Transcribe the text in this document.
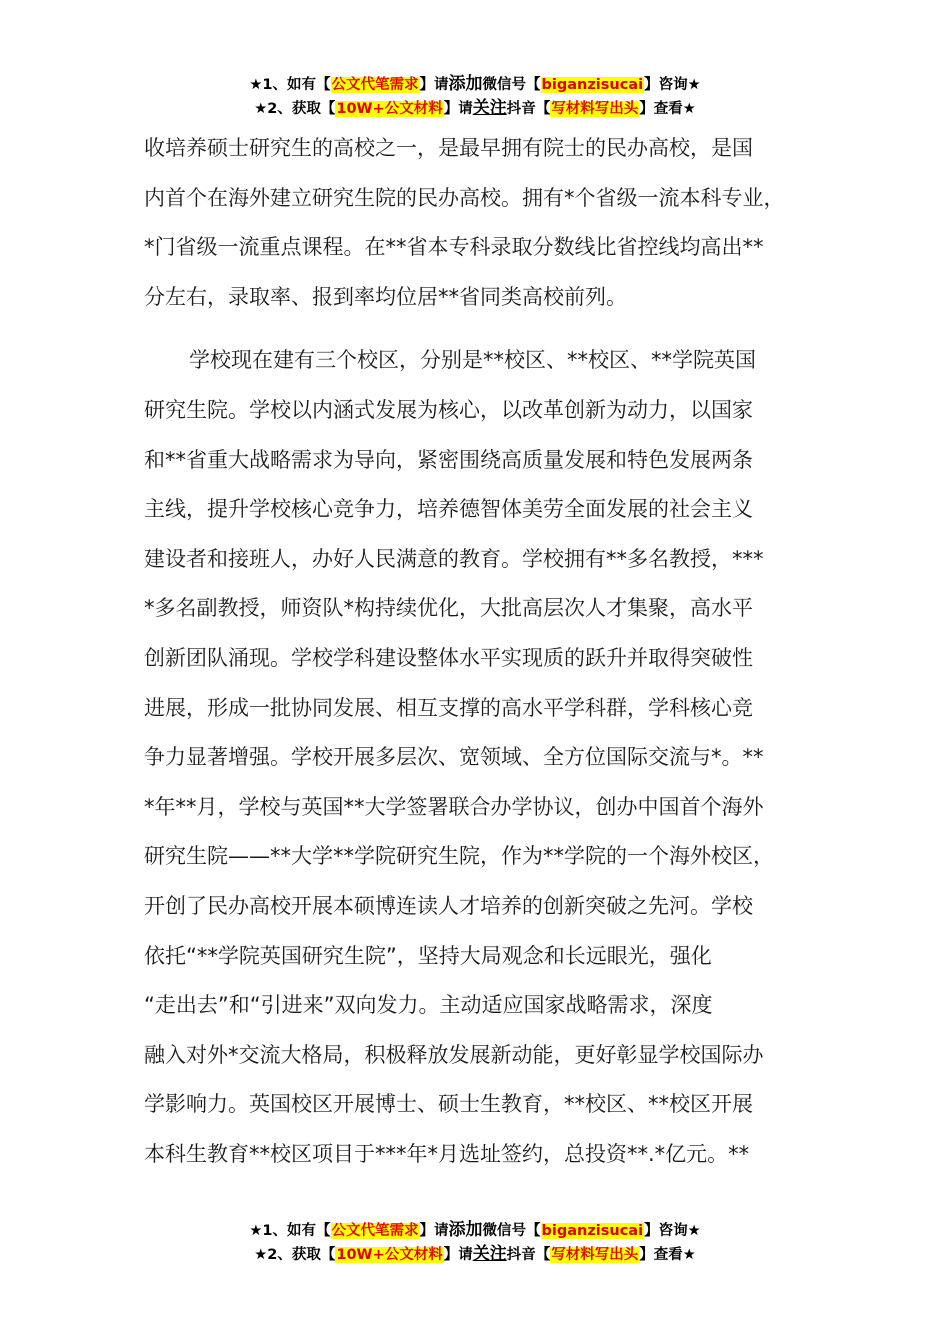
★1、如有【公文代笔需求】请添加微信号【biganzisucai】咨询★
★2、获取【10W+公文材料】请关注抖音【写材料写出头】查看★

收培养硕士研究生的高校之一，是最早拥有院士的民办高校，是国
内首个在海外建立研究生院的民办高校。拥有*个省级一流本科专业，
*门省级一流重点课程。在**省本专科录取分数线比省控线均高出**
分左右，录取率、报到率均位居**省同类高校前列。

学校现在建有三个校区，分别是**校区、**校区、**学院英国
研究生院。学校以内涵式发展为核心，以改革创新为动力，以国家
和**省重大战略需求为导向，紧密围绕高质量发展和特色发展两条
主线，提升学校核心竞争力，培养德智体美劳全面发展的社会主义
建设者和接班人，办好人民满意的教育。学校拥有**多名教授，***
*多名副教授，师资队*构持续优化，大批高层次人才集聚，高水平
创新团队涌现。学校学科建设整体水平实现质的跃升并取得突破性
进展，形成一批协同发展、相互支撑的高水平学科群，学科核心竞
争力显著增强。学校开展多层次、宽领域、全方位国际交流与*。**
*年**月，学校与英国**大学签署联合办学协议，创办中国首个海外
研究生院——**大学**学院研究生院，作为**学院的一个海外校区，
开创了民办高校开展本硕博连读人才培养的创新突破之先河。学校
依托“**学院英国研究生院”，坚持大局观念和长远眼光，强化
“走出去”和“引进来”双向发力。主动适应国家战略需求，深度
融入对外*交流大格局，积极释放发展新动能，更好彰显学校国际办
学影响力。英国校区开展博士、硕士生教育，**校区、**校区开展
本科生教育**校区项目于***年*月选址签约，总投资**.*亿元。**

★1、如有【公文代笔需求】请添加微信号【biganzisucai】咨询★
★2、获取【10W+公文材料】请关注抖音【写材料写出头】查看★
